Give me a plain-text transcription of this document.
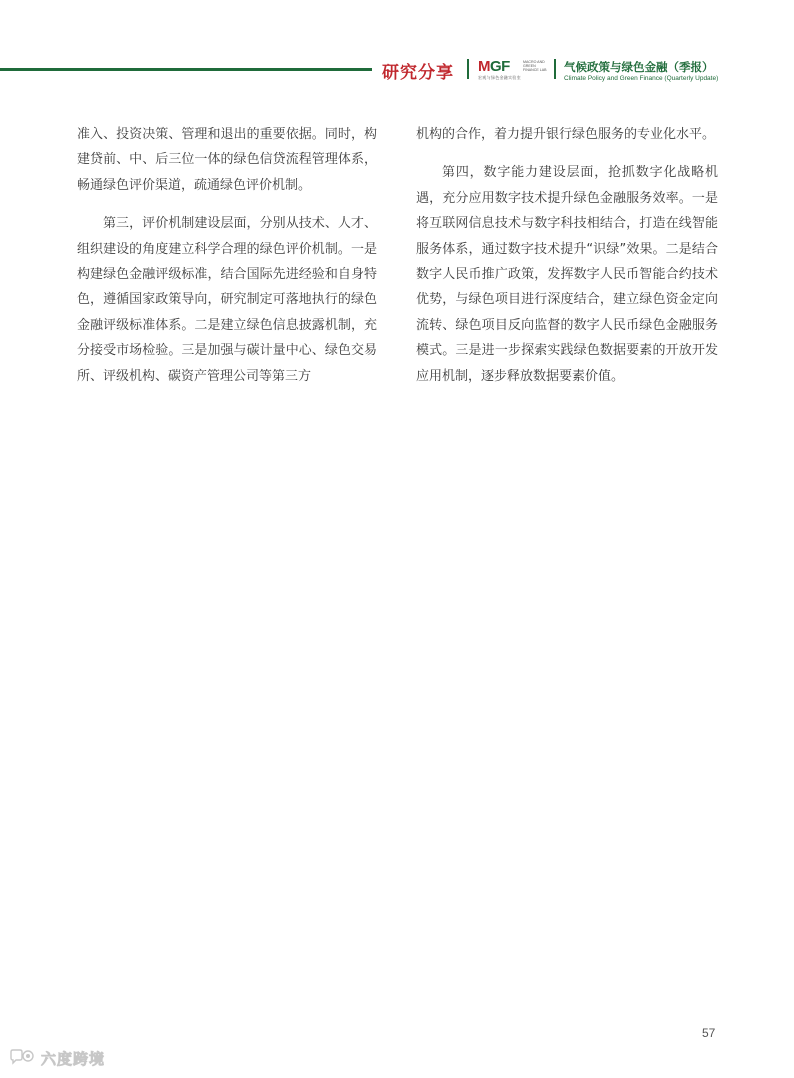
研究分享 MGF	MACRO AND GREEN FINANCE LAB
宏观与绿色金融实验室
气候政策与绿色金融（季报）
Climate Policy and Green Finance (Quarterly Update)

准入、投资决策、管理和退出的重要依据。同时，构建贷前、中、后三位一体的绿色信贷流程管理体系，畅通绿色评价渠道，疏通绿色评价机制。

第三，评价机制建设层面，分别从技术、人才、组织建设的角度建立科学合理的绿色评价机制。一是构建绿色金融评级标准，结合国际先进经验和自身特色，遵循国家政策导向，研究制定可落地执行的绿色金融评级标准体系。二是建立绿色信息披露机制，充分接受市场检验。三是加强与碳计量中心、绿色交易所、评级机构、碳资产管理公司等第三方

机构的合作，着力提升银行绿色服务的专业化水平。

第四，数字能力建设层面，抢抓数字化战略机遇，充分应用数字技术提升绿色金融服务效率。一是将互联网信息技术与数字科技相结合，打造在线智能服务体系，通过数字技术提升“识绿”效果。二是结合数字人民币推广政策，发挥数字人民币智能合约技术优势，与绿色项目进行深度结合，建立绿色资金定向流转、绿色项目反向监督的数字人民币绿色金融服务模式。三是进一步探索实践绿色数据要素的开放开发应用机制，逐步释放数据要素价值。

57
六度跨境
